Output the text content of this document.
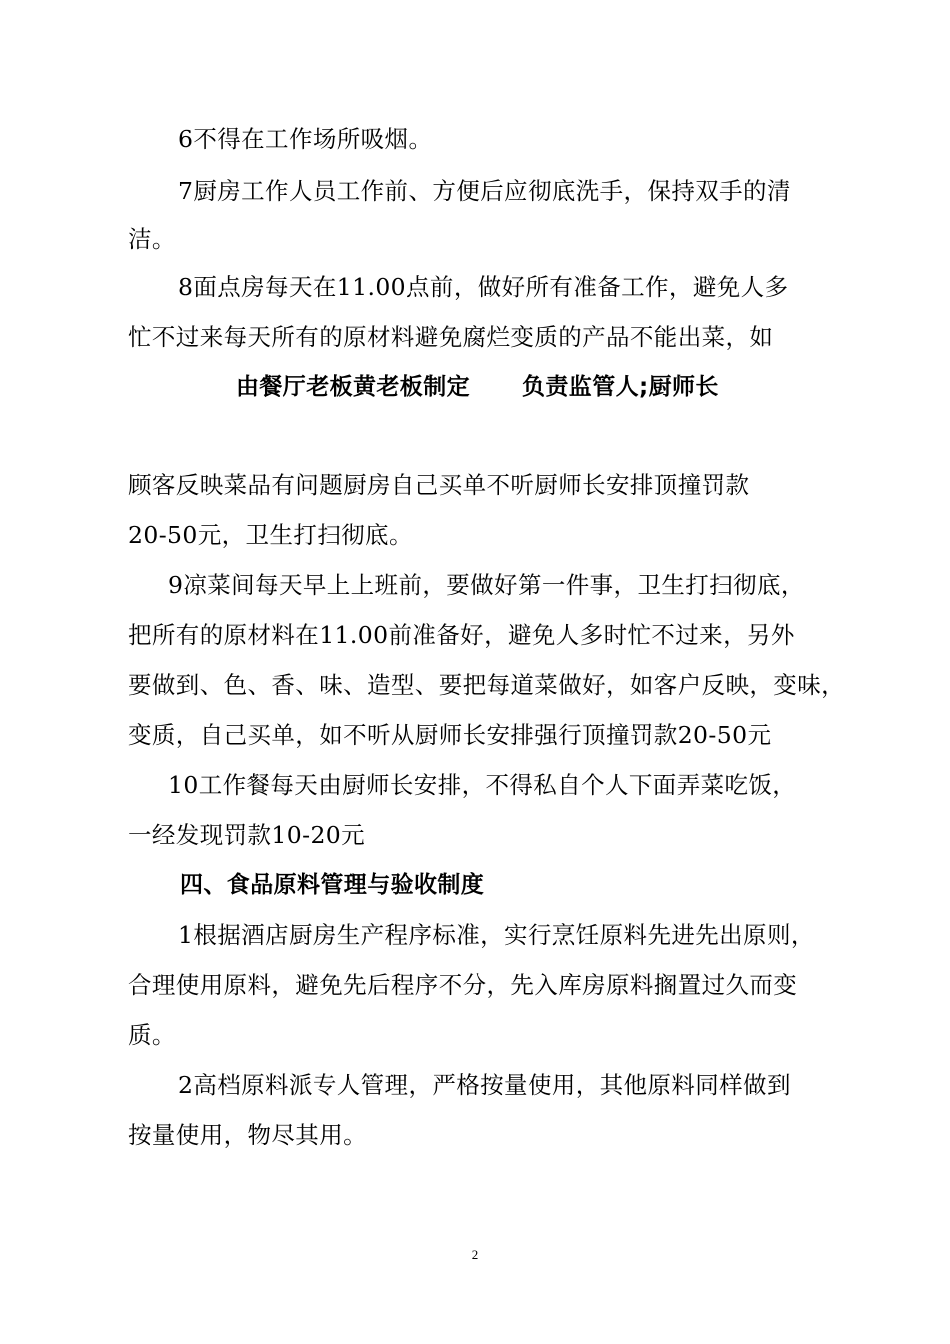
6不得在工作场所吸烟。
7厨房工作人员工作前、方便后应彻底洗手，保持双手的清
洁。
8面点房每天在11.00点前，做好所有准备工作，避免人多
忙不过来每天所有的原材料避免腐烂变质的产品不能出菜，如
由餐厅老板黄老板制定 负责监管人;厨师长
顾客反映菜品有问题厨房自己买单不听厨师长安排顶撞罚款
20-50元，卫生打扫彻底。
9凉菜间每天早上上班前，要做好第一件事，卫生打扫彻底，
把所有的原材料在11.00前准备好，避免人多时忙不过来，另外
要做到、色、香、味、造型、要把每道菜做好，如客户反映，变味，
变质，自己买单，如不听从厨师长安排强行顶撞罚款20-50元
10工作餐每天由厨师长安排，不得私自个人下面弄菜吃饭，
一经发现罚款10-20元
四、食品原料管理与验收制度
1根据酒店厨房生产程序标准，实行烹饪原料先进先出原则，
合理使用原料，避免先后程序不分，先入库房原料搁置过久而变
质。
2高档原料派专人管理，严格按量使用，其他原料同样做到
按量使用，物尽其用。
2
